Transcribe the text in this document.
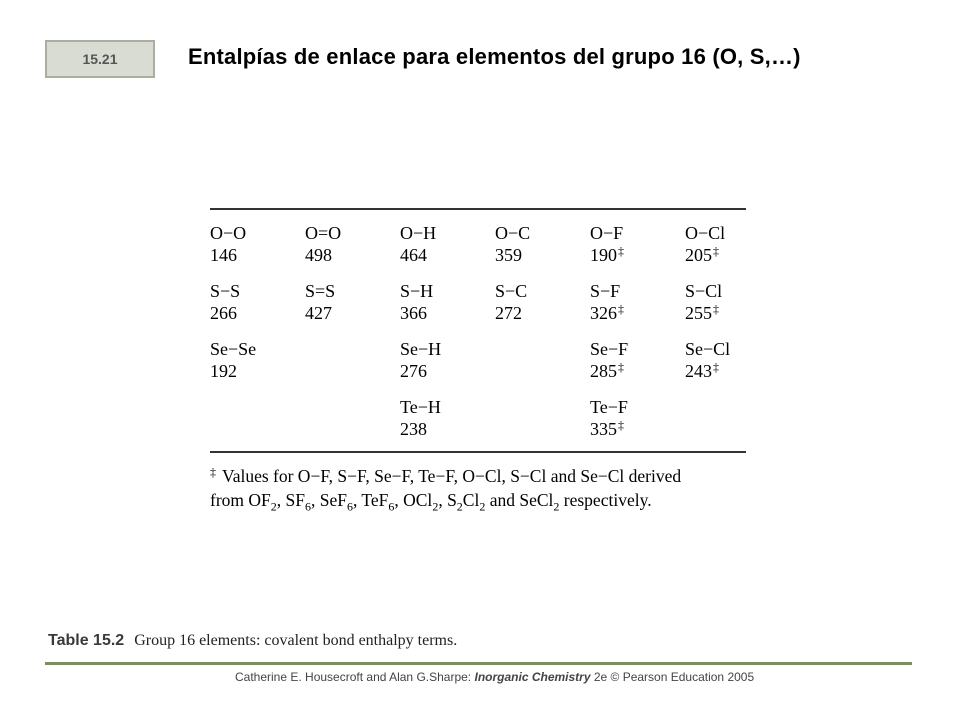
15.21	Entalpías de enlace para elementos del grupo 16 (O, S,…)
O−O
146
O=O
498
O−H
464
O−C
359
O−F
190‡
O−Cl
205‡
S−S
266
S=S
427
S−H
366
S−C
272
S−F
326‡
S−Cl
255‡
Se−Se
192
Se−H
276
Se−F
285‡
Se−Cl
243‡
Te−H
238
Te−F
335‡
‡ Values for O−F, S−F, Se−F, Te−F, O−Cl, S−Cl and Se−Cl derived
from $OF_2$, $SF_6$, SeF$_6$, TeF$_6$, OCl$_2$, $S_2Cl_2$ and SeCl$_2$ respectively.
Table 15.2 Group 16 elements: covalent bond enthalpy terms.
Catherine E. Housecroft and Alan G.Sharpe: Inorganic Chemistry 2e © Pearson Education 2005
